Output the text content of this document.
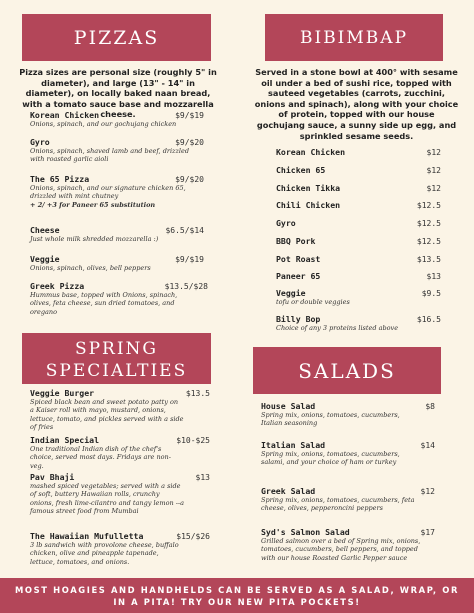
PIZZAS
Pizza sizes are personal size (roughly 5" in diameter), and large (13" - 14" in diameter), on locally baked naan bread, with a tomato sauce base and mozzarella cheese.
Korean Chicken	$9/$19
Onions, spinach, and our gochujang chicken
Gyro	$9/$20
Onions, spinach, shaved lamb and beef, drizzled with roasted garlic aioli
The 65 Pizza	$9/$20
Onions, spinach, and our signature chicken 65, drizzled with mint chutney
+ 2/ +3 for Paneer 65 substitution
Cheese	$6.5/$14
Just whole milk shredded mozzarella :)
Veggie	$9/$19
Onions, spinach, olives, bell peppers
Greek Pizza	$13.5/$28
Hummus base, topped with Onions, spinach, olives, feta cheese, sun dried tomatoes, and oregano
BIBIMBAP
Served in a stone bowl at 400° with sesame oil under a bed of sushi rice, topped with sauteed vegetables (carrots, zucchini, onions and spinach), along with your choice of protein, topped with our house gochujang sauce, a sunny side up egg, and sprinkled sesame seeds.
Korean Chicken	$12
Chicken 65	$12
Chicken Tikka	$12
Chili Chicken	$12.5
Gyro	$12.5
BBQ Pork	$12.5
Pot Roast	$13.5
Paneer 65	$13
Veggie	$9.5
tofu or double veggies
Billy Bop	$16.5
Choice of any 3 proteins listed above
SPRING
SPECIALTIES
Veggie Burger	$13.5
Spiced black bean and sweet potato patty on a Kaiser roll with mayo, mustard, onions, lettuce, tomato, and pickles served with a side of fries
Indian Special	$10-$25
One traditional Indian dish of the chef's choice, served most days. Fridays are non-veg.
Pav Bhaji	$13
mashed spiced vegetables; served with a side of soft, buttery Hawaiian rolls, crunchy onions, fresh lime-cilantro and tangy lemon --a famous street food from Mumbai
The Hawaiian Mufulletta	$15/$26
3 lb sandwich with provolone cheese, buffalo chicken, olive and pineapple tapenade, lettuce, tomatoes, and onions.
SALADS
House Salad	$8
Spring mix, onions, tomatoes, cucumbers, Italian seasoning
Italian Salad	$14
Spring mix, onions, tomatoes, cucumbers, salami, and your choice of ham or turkey
Greek Salad	$12
Spring mix, onions, tomatoes, cucumbers, feta cheese, olives, pepperoncini peppers
Syd's Salmon Salad	$17
Grilled salmon over a bed of Spring mix, onions, tomatoes, cucumbers, bell peppers, and topped with our house Roasted Garlic Pepper sauce
MOST HOAGIES AND HANDHELDS CAN BE SERVED AS A SALAD, WRAP, OR
IN A PITA! TRY OUR NEW PITA POCKETS!
